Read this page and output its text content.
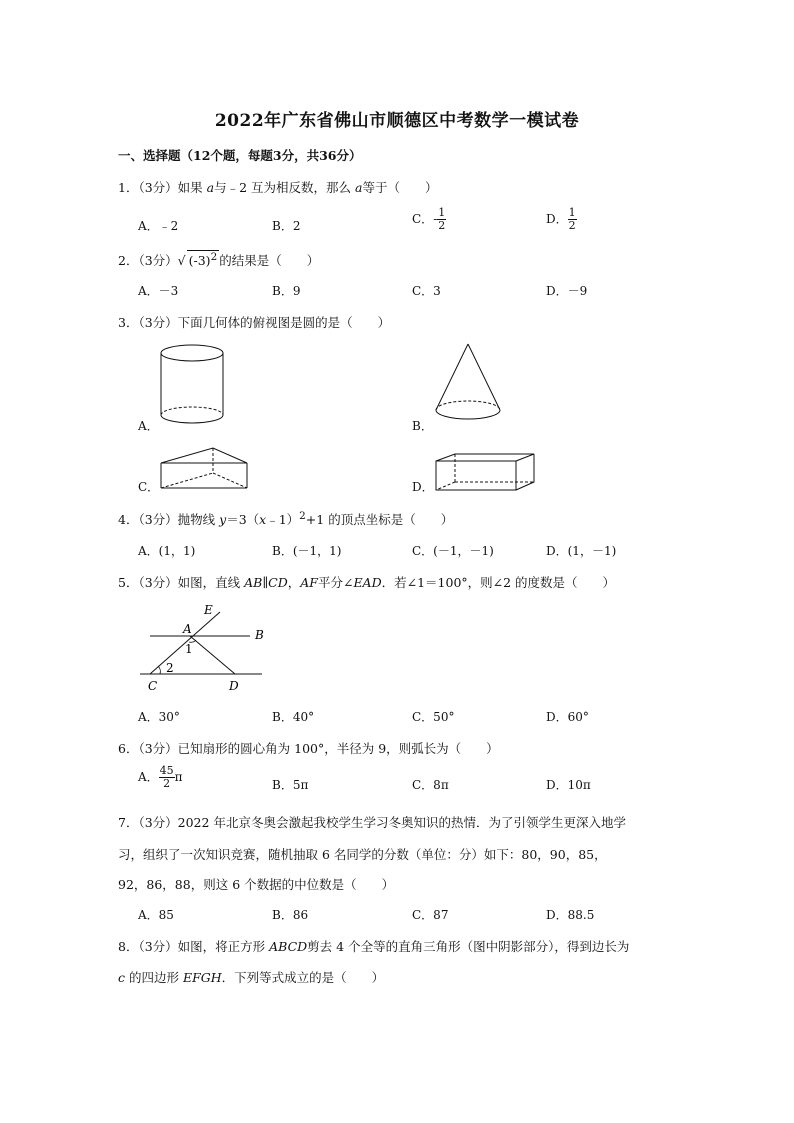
2022年广东省佛山市顺德区中考数学一模试卷
一、选择题（12个题，每题3分，共36分）
1．（3分）如果 a与﹣2 互为相反数，那么 a等于（　　）
A．﹣2	B．2	C．- $\frac{1}{2}$	D． $\frac{1}{2}$
2．（3分）√ $(-3)^2$ 的结果是（　　）
A．－3	B．9	C．3	D．－9
3．（3分）下面几何体的俯视图是圆的是（　　）
A．	B．
C．	D．
4．（3分）抛物线 y＝3（x﹣1）$^2$+1 的顶点坐标是（　　）
A．(1，1)	B．(－1，1)	C．(－1，－1)	D．(1，－1)
5．（3分）如图，直线 AB∥CD，AF平分∠EAD．若∠1＝100°，则∠2 的度数是（　　）
E
A	B
1
2
C	D
A．30°	B．40°	C．50°	D．60°
6．（3分）已知扇形的圆心角为 100°，半径为 9，则弧长为（　　）
A． $\frac{45}{2}$ π
B．5π	C．8π	D．10π
7．（3分）2022 年北京冬奥会激起我校学生学习冬奥知识的热情．为了引领学生更深入地学
习，组织了一次知识竞赛，随机抽取 6 名同学的分数（单位：分）如下：80，90，85，
92，86，88，则这 6 个数据的中位数是（　　）
A．85	B．86	C．87	D．88.5
8．（3分）如图，将正方形 ABCD剪去 4 个全等的直角三角形（图中阴影部分），得到边长为
c 的四边形 EFGH．下列等式成立的是（　　）
